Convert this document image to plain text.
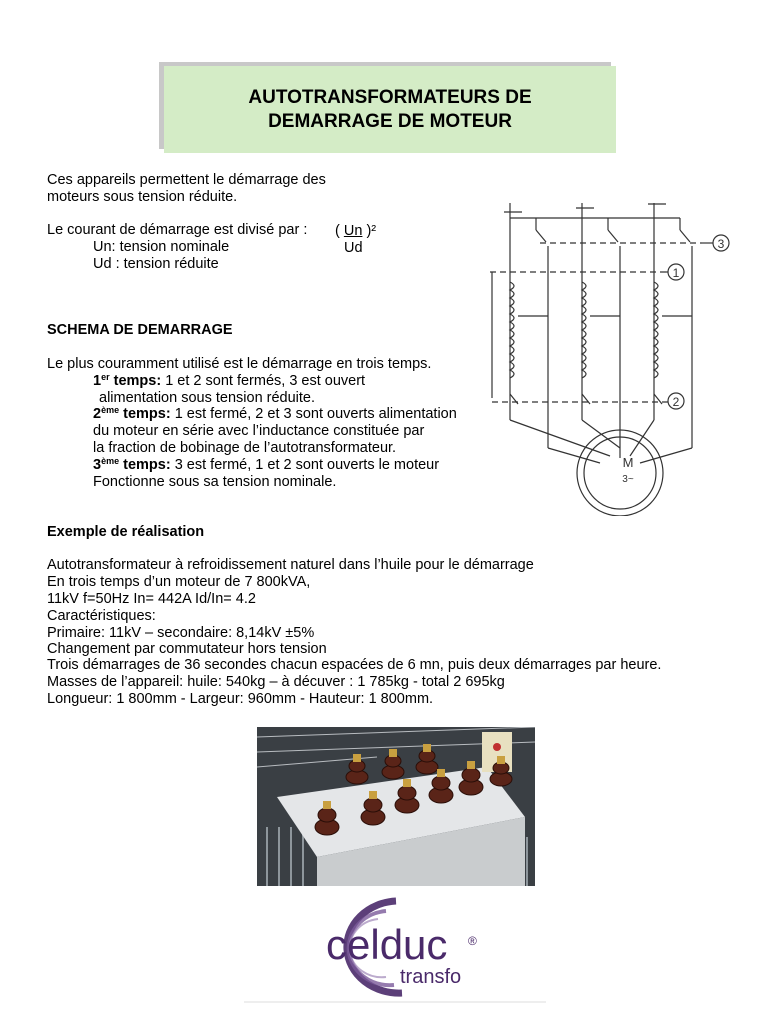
AUTOTRANSFORMATEURS DE
DEMARRAGE DE MOTEUR
Ces appareils permettent le démarrage des
moteurs sous tension réduite.
Le courant de démarrage est divisé par : ( Un )²
Ud
Un: tension nominale
Ud : tension réduite
SCHEMA DE DEMARRAGE
Le plus couramment utilisé est le démarrage en trois temps.
1er temps: 1 et 2 sont fermés, 3 est ouvert
alimentation sous tension réduite.
2ème temps: 1 est fermé, 2 et 3 sont ouverts alimentation
du moteur en série avec l’inductance constituée par
la fraction de bobinage de l’autotransformateur.
3ème temps: 3 est fermé, 1 et 2 sont ouverts le moteur
Fonctionne sous sa tension nominale.
1
2
3
M
3~
Exemple de réalisation
Autotransformateur à refroidissement naturel dans l’huile pour le démarrage
En trois temps d’un moteur de 7 800kVA,
11kV f=50Hz In= 442A Id/In= 4.2
Caractéristiques:
Primaire: 11kV – secondaire: 8,14kV ±5%
Changement par commutateur hors tension
Trois démarrages de 36 secondes chacun espacées de 6 mn, puis deux démarrages par heure.
Masses de l’appareil: huile: 540kg – à décuver : 1 785kg - total 2 695kg
Longueur: 1 800mm - Largeur: 960mm - Hauteur: 1 800mm.
celduc ®
transfo
